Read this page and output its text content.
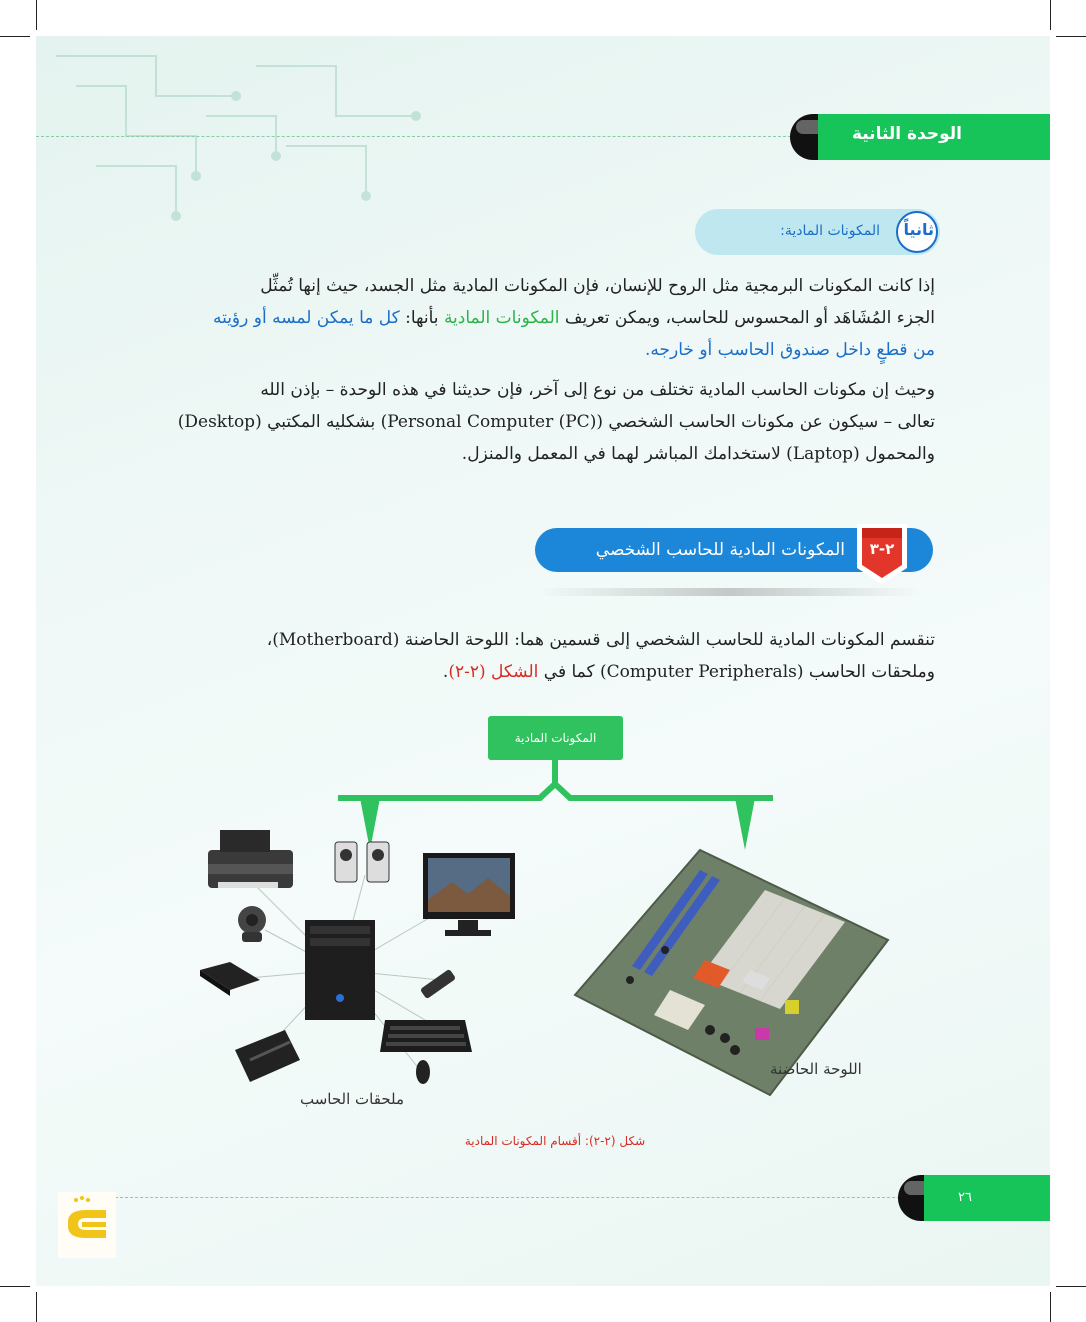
الوحدة الثانية
ثانياً
المكونات المادية:
إذا كانت المكونات البرمجية مثل الروح للإنسان، فإن المكونات المادية مثل الجسد، حيث إنها تُمثِّل
الجزء المُشَاهَد أو المحسوس للحاسب، ويمكن تعريف المكونات المادية بأنها: كل ما يمكن لمسه أو رؤيته
من قطعٍ داخل صندوق الحاسب أو خارجه.
وحيث إن مكونات الحاسب المادية تختلف من نوع إلى آخر، فإن حديثنا في هذه الوحدة – بإذن الله
تعالى – سيكون عن مكونات الحاسب الشخصي (Personal Computer (PC)) بشكليه المكتبي (Desktop)
والمحمول (Laptop) لاستخدامك المباشر لهما في المعمل والمنزل.
٢-٣
المكونات المادية للحاسب الشخصي
تنقسم المكونات المادية للحاسب الشخصي إلى قسمين هما: اللوحة الحاضنة (Motherboard)،
وملحقات الحاسب (Computer Peripherals) كما في الشكل (٢-٢).
المكونات المادية
ملحقات الحاسب
اللوحة الحاضنة
شكل (٢-٢): أقسام المكونات المادية
٢٦
